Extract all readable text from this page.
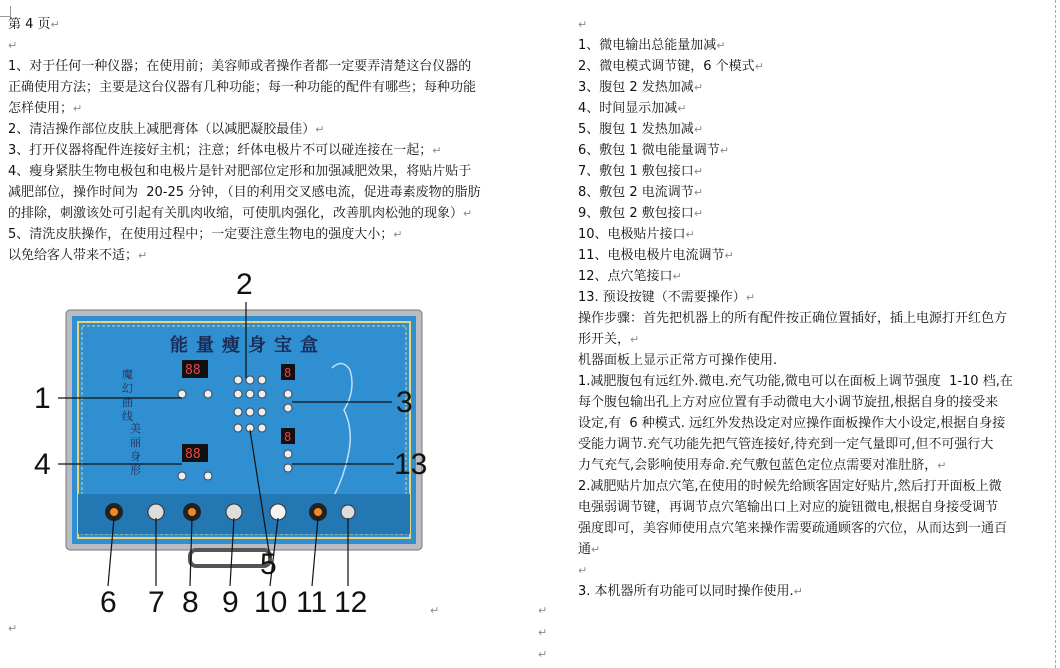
第 4 页↵

↵

1、对于任何一种仪器；在使用前；美容师或者操作者都一定要弄清楚这台仪器的

正确使用方法；主要是这台仪器有几种功能；每一种功能的配件有哪些；每种功能

怎样使用；↵

2、清洁操作部位皮肤上减肥膏体（以减肥凝胶最佳）↵

3、打开仪器将配件连接好主机；注意；纤体电极片不可以碰连接在一起；↵

4、瘦身紧肤生物电极包和电极片是针对肥部位定形和加强减肥效果，将贴片贴于

减肥部位，操作时间为  20-25 分钟，（目的利用交叉感电流，促进毒素废物的脂肪

的排除，刺激该处可引起有关肌肉收缩，可使肌肉强化，改善肌肉松弛的现象）↵

5、清洗皮肤操作，在使用过程中；一定要注意生物电的强度大小；↵

以免给客人带来不适；↵

能量瘦身宝盒
魔
幻
曲
线
美
丽
身
形
88
88
8
8
1
2
3
4
5
13
6 7 8 9 10 11 12
↵
↵	↵
↵
↵

↵

1、微电输出总能量加减↵

2、微电模式调节键，6 个模式↵

3、腹包 2 发热加减↵

4、时间显示加减↵

5、腹包 1 发热加减↵

6、敷包 1 微电能量调节↵

7、敷包 1 敷包接口↵

8、敷包 2 电流调节↵

9、敷包 2 敷包接口↵

10、电极贴片接口↵

11、电极电极片电流调节↵

12、点穴笔接口↵

13. 预设按键（不需要操作）↵

操作步骤：首先把机器上的所有配件按正确位置插好，插上电源打开红色方

形开关，↵

机器面板上显示正常方可操作使用.

1.减肥腹包有远红外.微电.充气功能,微电可以在面板上调节强度  1-10 档,在

每个腹包输出孔上方对应位置有手动微电大小调节旋扭,根据自身的接受来

设定,有  6 种模式. 远红外发热设定对应操作面板操作大小设定,根据自身接

受能力调节.充气功能先把气管连接好,待充到一定气量即可,但不可强行大

力气充气,会影响使用寿命.充气敷包蓝色定位点需要对准肚脐，↵

2.减肥贴片加点穴笔,在使用的时候先给顾客固定好贴片,然后打开面板上微

电强弱调节键，再调节点穴笔输出口上对应的旋钮微电,根据自身接受调节

强度即可，美容师使用点穴笔来操作需要疏通顾客的穴位，从而达到一通百

通↵

↵

3. 本机器所有功能可以同时操作使用.↵
